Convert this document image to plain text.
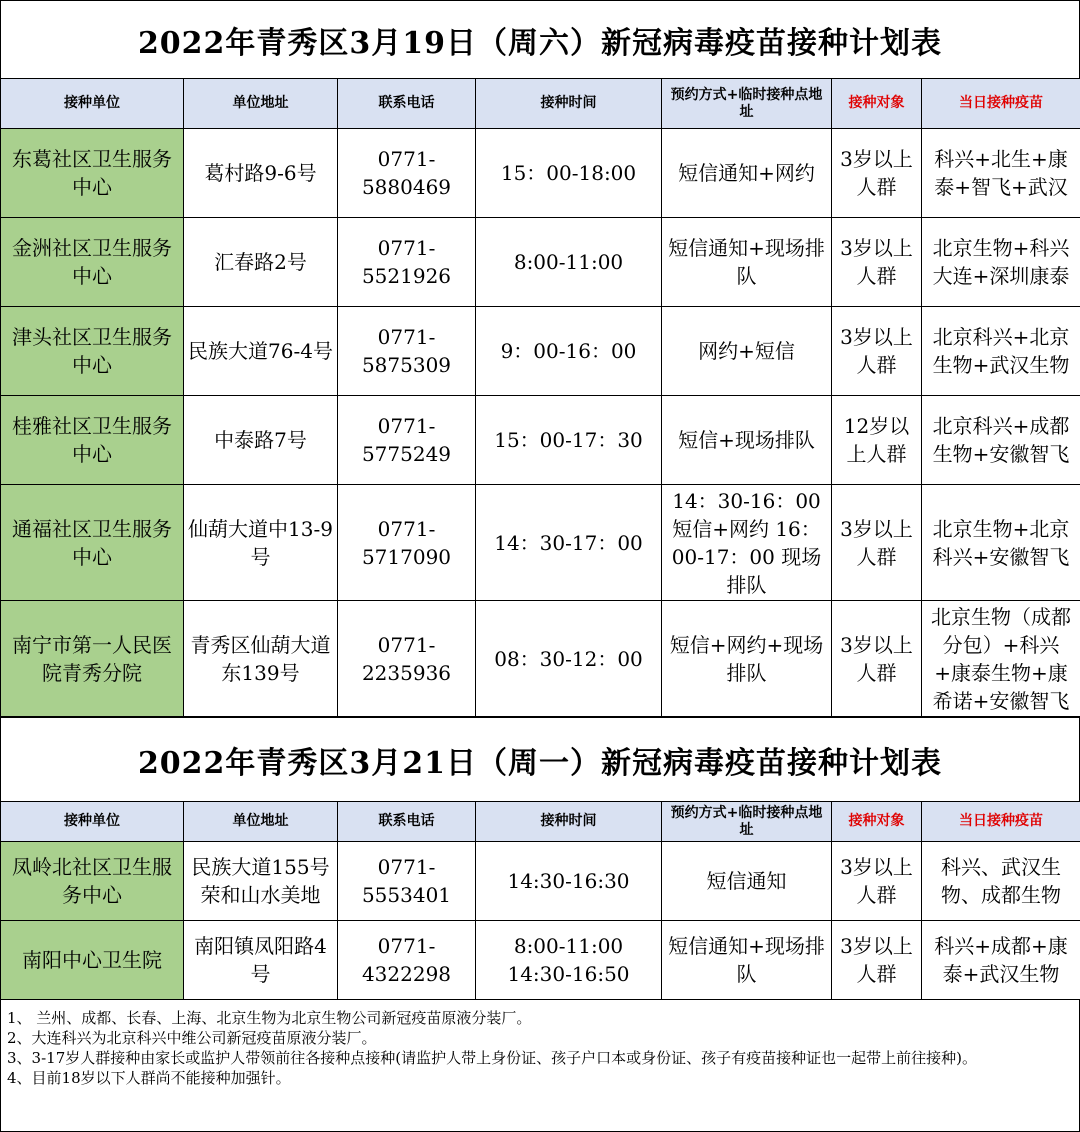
2022年青秀区3月19日（周六）新冠病毒疫苗接种计划表
接种单位	单位地址	联系电话	接种时间	预约方式+临时接种点地址	接种对象	当日接种疫苗
东葛社区卫生服务中心	葛村路9-6号	0771-5880469	15：00-18:00	短信通知+网约	3岁以上人群	科兴+北生+康泰+智飞+武汉
金洲社区卫生服务中心	汇春路2号	0771-5521926	8:00-11:00	短信通知+现场排队	3岁以上人群	北京生物+科兴大连+深圳康泰
津头社区卫生服务中心	民族大道76-4号	0771-5875309	9：00-16：00	网约+短信	3岁以上人群	北京科兴+北京生物+武汉生物
桂雅社区卫生服务中心	中泰路7号	0771-5775249	15：00-17：30	短信+现场排队	12岁以上人群	北京科兴+成都生物+安徽智飞
通福社区卫生服务中心	仙葫大道中13-9号	0771-5717090	14：30-17：00	14：30-16：00 短信+网约 16：00-17：00 现场排队	3岁以上人群	北京生物+北京科兴+安徽智飞
南宁市第一人民医院青秀分院	青秀区仙葫大道东139号	0771-2235936	08：30-12：00	短信+网约+现场排队	3岁以上人群	北京生物（成都分包）+科兴+康泰生物+康希诺+安徽智飞
2022年青秀区3月21日（周一）新冠病毒疫苗接种计划表
接种单位	单位地址	联系电话	接种时间	预约方式+临时接种点地址	接种对象	当日接种疫苗
凤岭北社区卫生服务中心	民族大道155号荣和山水美地	0771-5553401	14:30-16:30	短信通知	3岁以上人群	科兴、武汉生物、成都生物
南阳中心卫生院	南阳镇凤阳路4号	0771-4322298	8:00-11:00 14:30-16:50	短信通知+现场排队	3岁以上人群	科兴+成都+康泰+武汉生物
1、 兰州、成都、长春、上海、北京生物为北京生物公司新冠疫苗原液分装厂。
2、大连科兴为北京科兴中维公司新冠疫苗原液分装厂。
3、3-17岁人群接种由家长或监护人带领前往各接种点接种(请监护人带上身份证、孩子户口本或身份证、孩子有疫苗接种证也一起带上前往接种)。
4、目前18岁以下人群尚不能接种加强针。
